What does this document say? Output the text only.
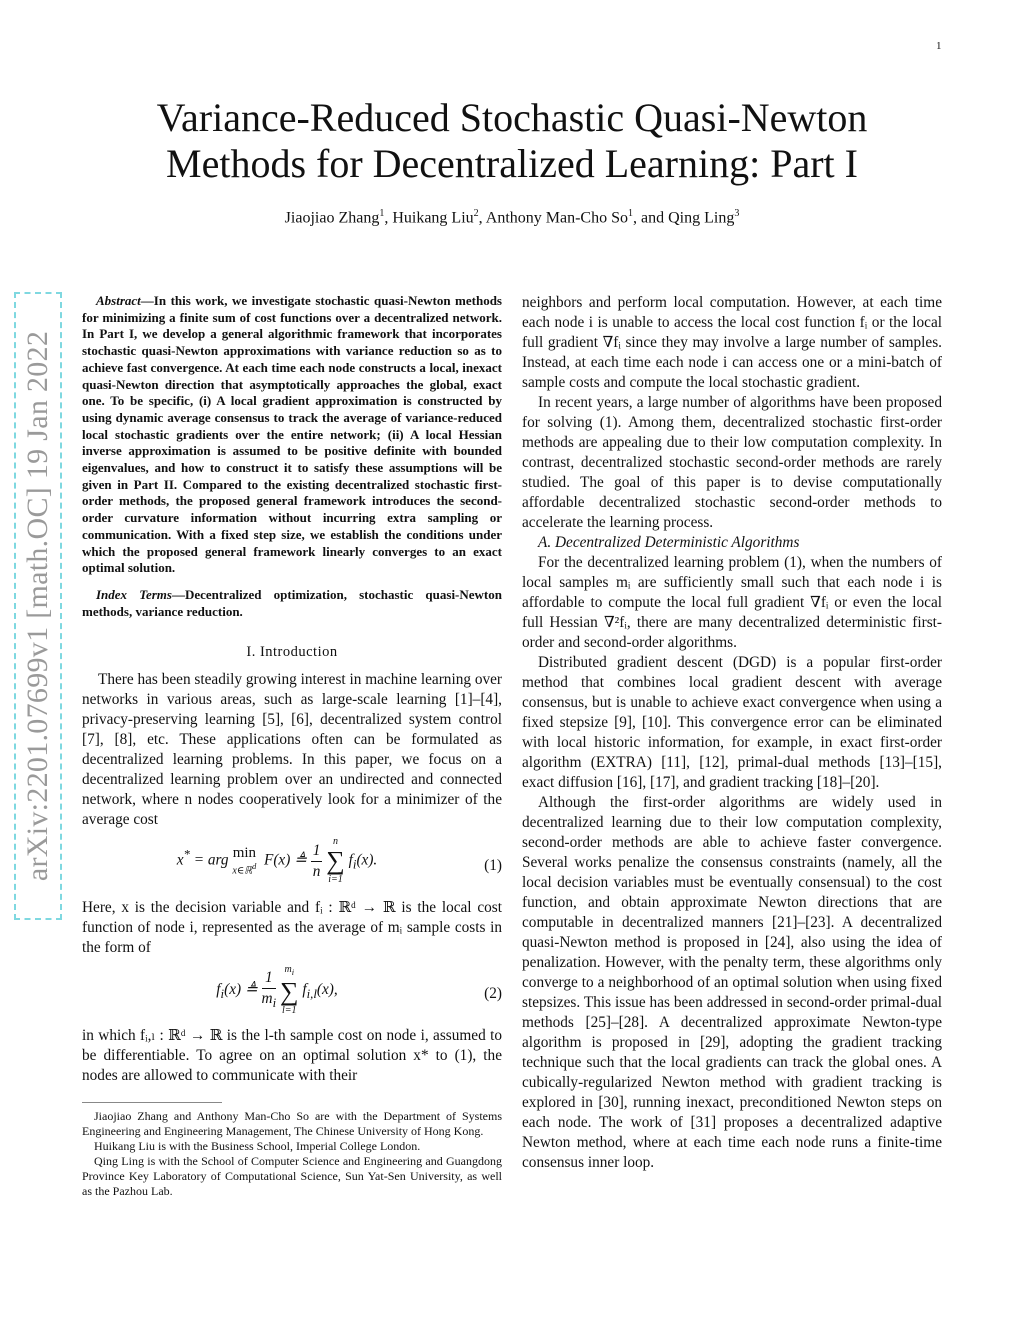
1
arXiv:2201.07699v1 [math.OC] 19 Jan 2022
Variance-Reduced Stochastic Quasi-Newton
Methods for Decentralized Learning: Part I
Jiaojiao Zhang$^1$, Huikang Liu$^2$, Anthony Man-Cho So$^1$, and Qing Ling$^3$

Abstract—In this work, we investigate stochastic quasi-Newton methods for minimizing a finite sum of cost functions over a decentralized network. In Part I, we develop a general algorithmic framework that incorporates stochastic quasi-Newton approximations with variance reduction so as to achieve fast convergence. At each time each node constructs a local, inexact quasi-Newton direction that asymptotically approaches the global, exact one. To be specific, (i) A local gradient approximation is constructed by using dynamic average consensus to track the average of variance-reduced local stochastic gradients over the entire network; (ii) A local Hessian inverse approximation is assumed to be positive definite with bounded eigenvalues, and how to construct it to satisfy these assumptions will be given in Part II. Compared to the existing decentralized stochastic first-order methods, the proposed general framework introduces the second-order curvature information without incurring extra sampling or communication. With a fixed step size, we establish the conditions under which the proposed general framework linearly converges to an exact optimal solution.

Index Terms—Decentralized optimization, stochastic quasi-Newton methods, variance reduction.

I. Introduction

There has been steadily growing interest in machine learning over networks in various areas, such as large-scale learning [1]–[4], privacy-preserving learning [5], [6], decentralized system control [7], [8], etc. These applications often can be formulated as decentralized learning problems. In this paper, we focus on a decentralized learning problem over an undirected and connected network, where n nodes cooperatively look for a minimizer of the average cost

x* = arg min
x∈ℝ$^d$ F(x) ≜ $\frac{1}{n}$
	n
∑
i=1
$f_i(x)$.	(1)

Here, x is the decision variable and fᵢ : ℝᵈ → ℝ is the local cost function of node i, represented as the average of mᵢ sample costs in the form of

$f_i(x)$ ≜ $\frac{1}{m_i}$
$m_i$
∑
l=1
$f_{i,l}(x)$,	(2)

in which fᵢ,ₗ : ℝᵈ → ℝ is the l-th sample cost on node i, assumed to be differentiable. To agree on an optimal solution x* to (1), the nodes are allowed to communicate with their

Jiaojiao Zhang and Anthony Man-Cho So are with the Department of Systems Engineering and Engineering Management, The Chinese University of Hong Kong.

Huikang Liu is with the Business School, Imperial College London.

Qing Ling is with the School of Computer Science and Engineering and Guangdong Province Key Laboratory of Computational Science, Sun Yat-Sen University, as well as the Pazhou Lab.

neighbors and perform local computation. However, at each time each node i is unable to access the local cost function fᵢ or the local full gradient ∇fᵢ since they may involve a large number of samples. Instead, at each time each node i can access one or a mini-batch of sample costs and compute the local stochastic gradient.

In recent years, a large number of algorithms have been proposed for solving (1). Among them, decentralized stochastic first-order methods are appealing due to their low computation complexity. In contrast, decentralized stochastic second-order methods are rarely studied. The goal of this paper is to devise computationally affordable decentralized stochastic second-order methods to accelerate the learning process.

A. Decentralized Deterministic Algorithms

For the decentralized learning problem (1), when the numbers of local samples mᵢ are sufficiently small such that each node i is affordable to compute the local full gradient ∇fᵢ or even the local full Hessian ∇²fᵢ, there are many decentralized deterministic first-order and second-order algorithms.

Distributed gradient descent (DGD) is a popular first-order method that combines local gradient descent with average consensus, but is unable to achieve exact convergence when using a fixed stepsize [9], [10]. This convergence error can be eliminated with local historic information, for example, in exact first-order algorithm (EXTRA) [11], [12], primal-dual methods [13]–[15], exact diffusion [16], [17], and gradient tracking [18]–[20].

Although the first-order algorithms are widely used in decentralized learning due to their low computation complexity, second-order methods are able to achieve faster convergence. Several works penalize the consensus constraints (namely, all the local decision variables must be eventually consensual) to the cost function, and obtain approximate Newton directions that are computable in decentralized manners [21]–[23]. A decentralized quasi-Newton method is proposed in [24], also using the idea of penalization. However, with the penalty term, these algorithms only converge to a neighborhood of an optimal solution when using fixed stepsizes. This issue has been addressed in second-order primal-dual methods [25]–[28]. A decentralized approximate Newton-type algorithm is proposed in [29], adopting the gradient tracking technique such that the local gradients can track the global ones. A cubically-regularized Newton method with gradient tracking is explored in [30], running inexact, preconditioned Newton steps on each node. The work of [31] proposes a decentralized adaptive Newton method, where at each time each node runs a finite-time consensus inner loop.
